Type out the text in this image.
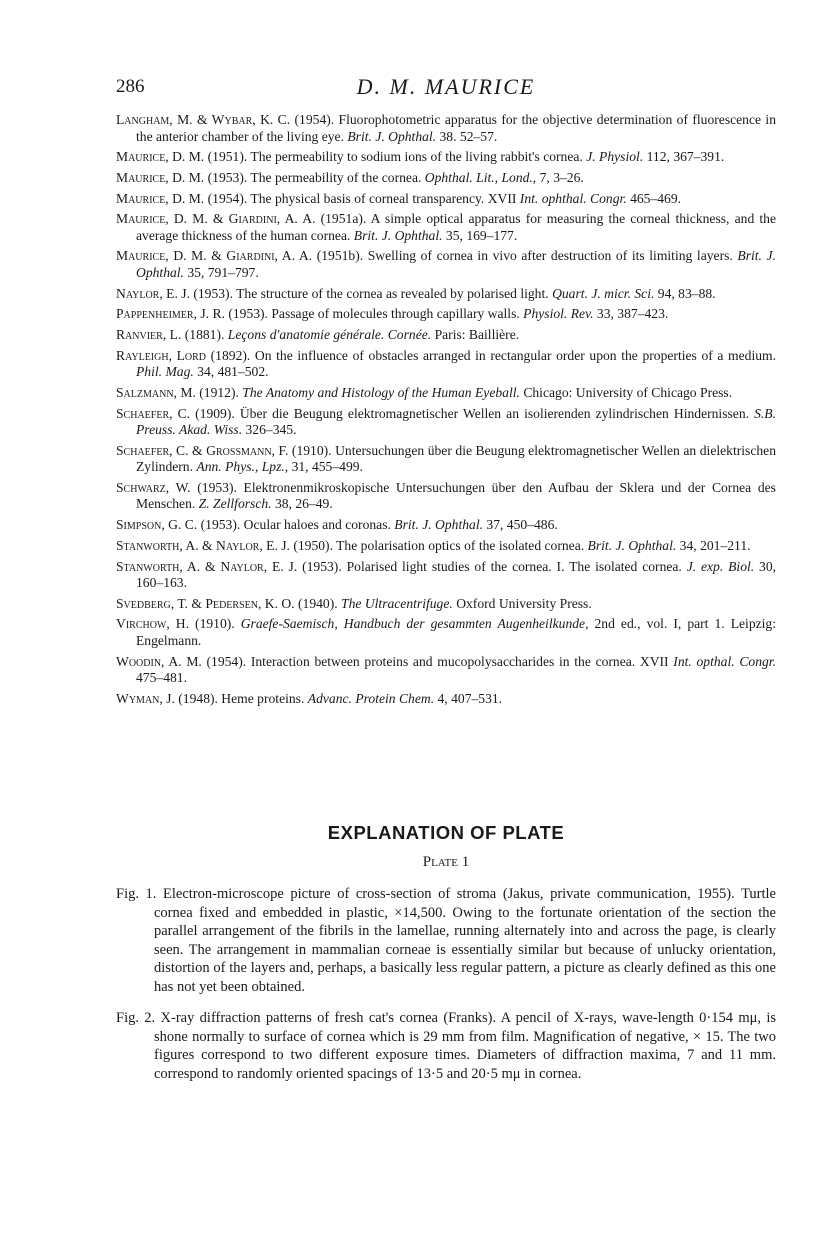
286	D. M. MAURICE
Langham, M. & Wybar, K. C. (1954). Fluorophotometric apparatus for the objective determination of fluorescence in the anterior chamber of the living eye. Brit. J. Ophthal. 38. 52–57.
Maurice, D. M. (1951). The permeability to sodium ions of the living rabbit's cornea. J. Physiol. 112, 367–391.
Maurice, D. M. (1953). The permeability of the cornea. Ophthal. Lit., Lond., 7, 3–26.
Maurice, D. M. (1954). The physical basis of corneal transparency. XVII Int. ophthal. Congr. 465–469.
Maurice, D. M. & Giardini, A. A. (1951a). A simple optical apparatus for measuring the corneal thickness, and the average thickness of the human cornea. Brit. J. Ophthal. 35, 169–177.
Maurice, D. M. & Giardini, A. A. (1951b). Swelling of cornea in vivo after destruction of its limiting layers. Brit. J. Ophthal. 35, 791–797.
Naylor, E. J. (1953). The structure of the cornea as revealed by polarised light. Quart. J. micr. Sci. 94, 83–88.
Pappenheimer, J. R. (1953). Passage of molecules through capillary walls. Physiol. Rev. 33, 387–423.
Ranvier, L. (1881). Leçons d'anatomie générale. Cornée. Paris: Baillière.
Rayleigh, Lord (1892). On the influence of obstacles arranged in rectangular order upon the properties of a medium. Phil. Mag. 34, 481–502.
Salzmann, M. (1912). The Anatomy and Histology of the Human Eyeball. Chicago: University of Chicago Press.
Schaefer, C. (1909). Über die Beugung elektromagnetischer Wellen an isolierenden zylindrischen Hindernissen. S.B. Preuss. Akad. Wiss. 326–345.
Schaefer, C. & Grossmann, F. (1910). Untersuchungen über die Beugung elektromagnetischer Wellen an dielektrischen Zylindern. Ann. Phys., Lpz., 31, 455–499.
Schwarz, W. (1953). Elektronenmikroskopische Untersuchungen über den Aufbau der Sklera und der Cornea des Menschen. Z. Zellforsch. 38, 26–49.
Simpson, G. C. (1953). Ocular haloes and coronas. Brit. J. Ophthal. 37, 450–486.
Stanworth, A. & Naylor, E. J. (1950). The polarisation optics of the isolated cornea. Brit. J. Ophthal. 34, 201–211.
Stanworth, A. & Naylor, E. J. (1953). Polarised light studies of the cornea. I. The isolated cornea. J. exp. Biol. 30, 160–163.
Svedberg, T. & Pedersen, K. O. (1940). The Ultracentrifuge. Oxford University Press.
Virchow, H. (1910). Graefe-Saemisch, Handbuch der gesammten Augenheilkunde, 2nd ed., vol. I, part 1. Leipzig: Engelmann.
Woodin, A. M. (1954). Interaction between proteins and mucopolysaccharides in the cornea. XVII Int. opthal. Congr. 475–481.
Wyman, J. (1948). Heme proteins. Advanc. Protein Chem. 4, 407–531.
EXPLANATION OF PLATE
Plate 1
Fig. 1. Electron-microscope picture of cross-section of stroma (Jakus, private communication, 1955). Turtle cornea fixed and embedded in plastic, ×14,500. Owing to the fortunate orientation of the section the parallel arrangement of the fibrils in the lamellae, running alternately into and across the page, is clearly seen. The arrangement in mammalian corneae is essentially similar but because of unlucky orientation, distortion of the layers and, perhaps, a basically less regular pattern, a picture as clearly defined as this one has not yet been obtained.
Fig. 2. X-ray diffraction patterns of fresh cat's cornea (Franks). A pencil of X-rays, wave-length 0·154 mμ, is shone normally to surface of cornea which is 29 mm from film. Magnification of negative, × 15. The two figures correspond to two different exposure times. Diameters of diffraction maxima, 7 and 11 mm. correspond to randomly oriented spacings of 13·5 and 20·5 mμ in cornea.
